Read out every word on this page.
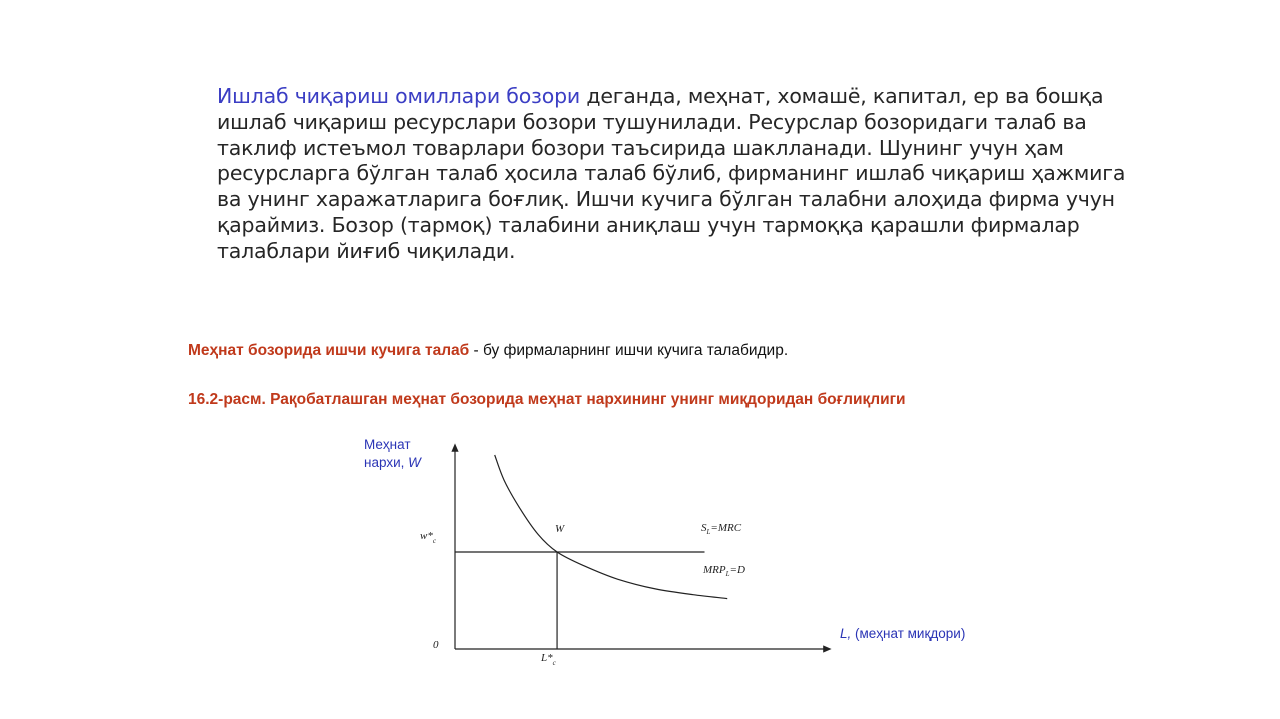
Ишлаб чиқариш омиллари бозори деганда, меҳнат, хомашё, капитал, ер ва бошқа
ишлаб чиқариш ресурслари бозори тушунилади. Ресурслар бозоридаги талаб ва
таклиф истеъмол товарлари бозори таъсирида шаклланади. Шунинг учун ҳам
ресурсларга бўлган талаб ҳосила талаб бўлиб, фирманинг ишлаб чиқариш ҳажмига
ва унинг харажатларига боғлиқ. Ишчи кучига бўлган талабни алоҳида фирма учун
қараймиз. Бозор (тармоқ) талабини аниқлаш учун тармоққа қарашли фирмалар
талаблари йиғиб чиқилади.
Меҳнат бозорида ишчи кучига талаб - бу фирмаларнинг ишчи кучига талабидир.
16.2-расм. Рақобатлашган меҳнат бозорида меҳнат нархининг унинг миқдоридан боғлиқлиги
Меҳнат
нархи, W
L, (меҳнат миқдори)
0
$w*_c$
$L*_c$
W	$S_L=MRC$
$MRP_L=D$
